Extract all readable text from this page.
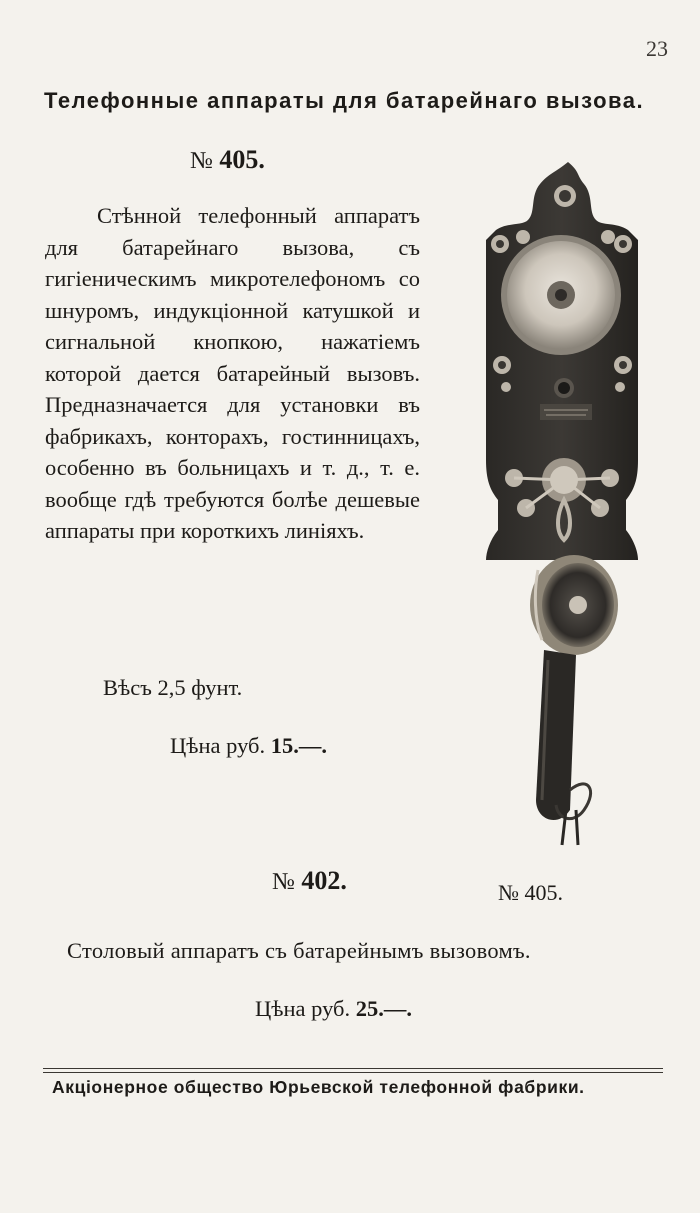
23
Телефонные аппараты для батарейнаго вызова.
№ 405.
Стѣнной телефонный аппаратъ для батарейнаго вызова, съ гигіеническимъ микротелефономъ со шнуромъ, индукціонной катушкой и сигнальной кнопкою, нажатіемъ которой дается батарейный вызовъ. Предназначается для установки въ фабрикахъ, конторахъ, гостинницахъ, особенно въ больницахъ и т. д., т. е. вообще гдѣ требуются болѣе дешевые аппараты при короткихъ линіяхъ.
Вѣсъ 2,5 фунт.
Цѣна руб. 15.—.
№ 405.
№ 402.
Столовый аппаратъ съ батарейнымъ вызовомъ.
Цѣна руб. 25.—.
Акціонерное общество Юрьевской телефонной фабрики.
